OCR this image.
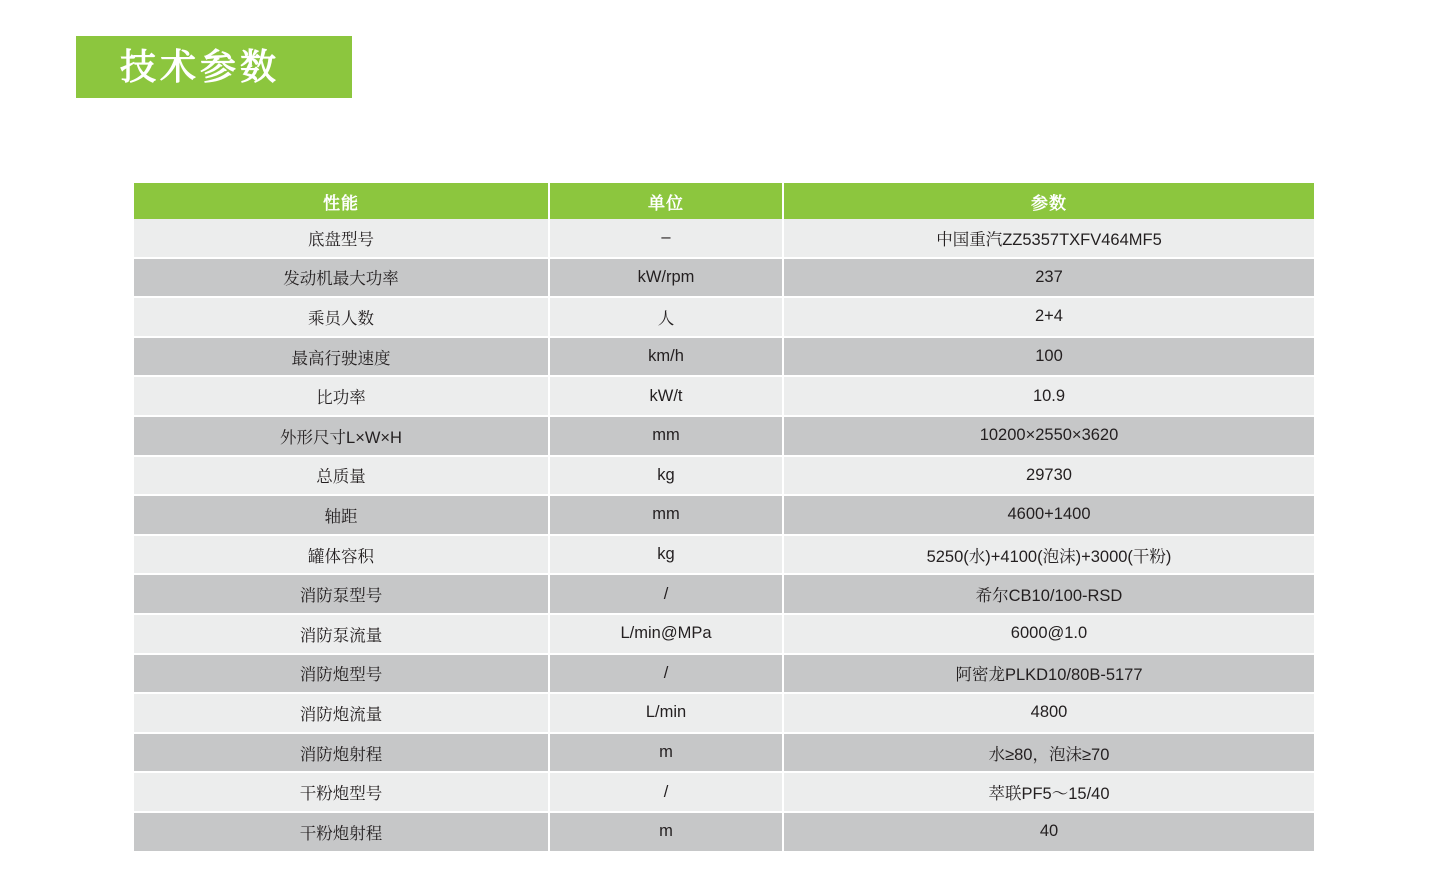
技术参数
性能	单位	参数
底盘型号	–	中国重汽ZZ5357TXFV464MF5
发动机最大功率	kW/rpm	237
乘员人数	人	2+4
最高行驶速度	km/h	100
比功率	kW/t	10.9
外形尺寸L×W×H	mm	10200×2550×3620
总质量	kg	29730
轴距	mm	4600+1400
罐体容积	kg	5250(水)+4100(泡沫)+3000(干粉)
消防泵型号	/	希尔CB10/100-RSD
消防泵流量	L/min@MPa	6000@1.0
消防炮型号	/	阿密龙PLKD10/80B-5177
消防炮流量	L/min	4800
消防炮射程	m	水≥80，泡沫≥70
干粉炮型号	/	萃联PF5～15/40
干粉炮射程	m	40
